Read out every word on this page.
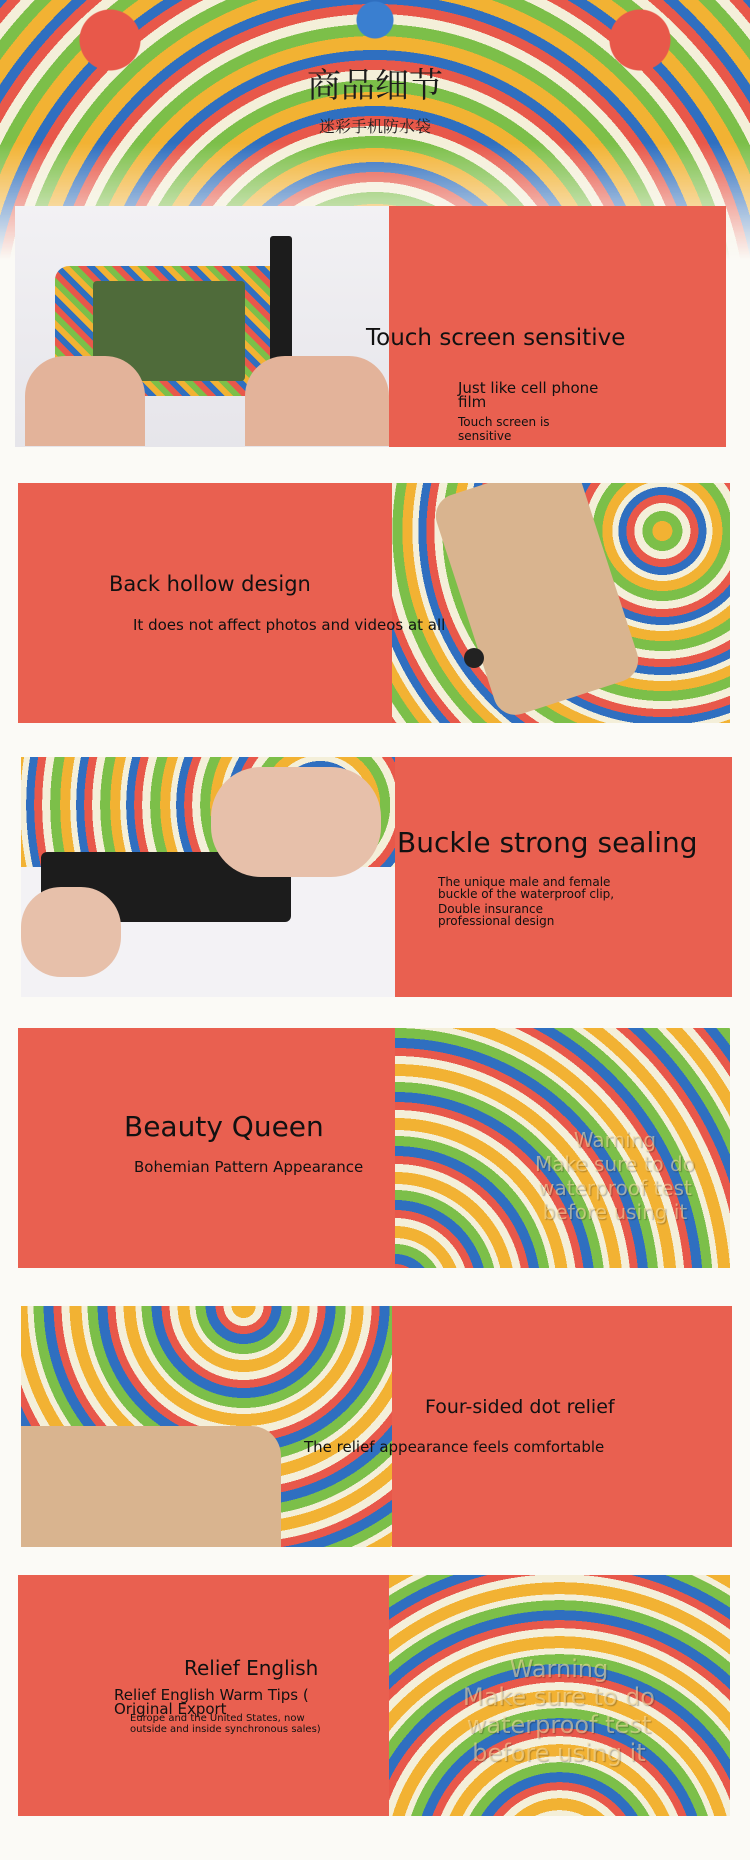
商品细节
迷彩手机防水袋
Touch screen sensitive
Just like cell phone film
Touch screen is sensitive
Back hollow design
It does not affect photos and videos at all
Buckle strong sealing
The unique male and female buckle of the waterproof clip,
Double insurance professional design
Warning
Make sure to do
waterproof test
before using it
Beauty Queen
Bohemian Pattern Appearance
Four-sided dot relief
The relief appearance feels comfortable
Warning
Make sure to do
waterproof test
before using it
Relief English
Relief English Warm Tips ( Original Export
Europe and the United States, now outside and inside synchronous sales)
